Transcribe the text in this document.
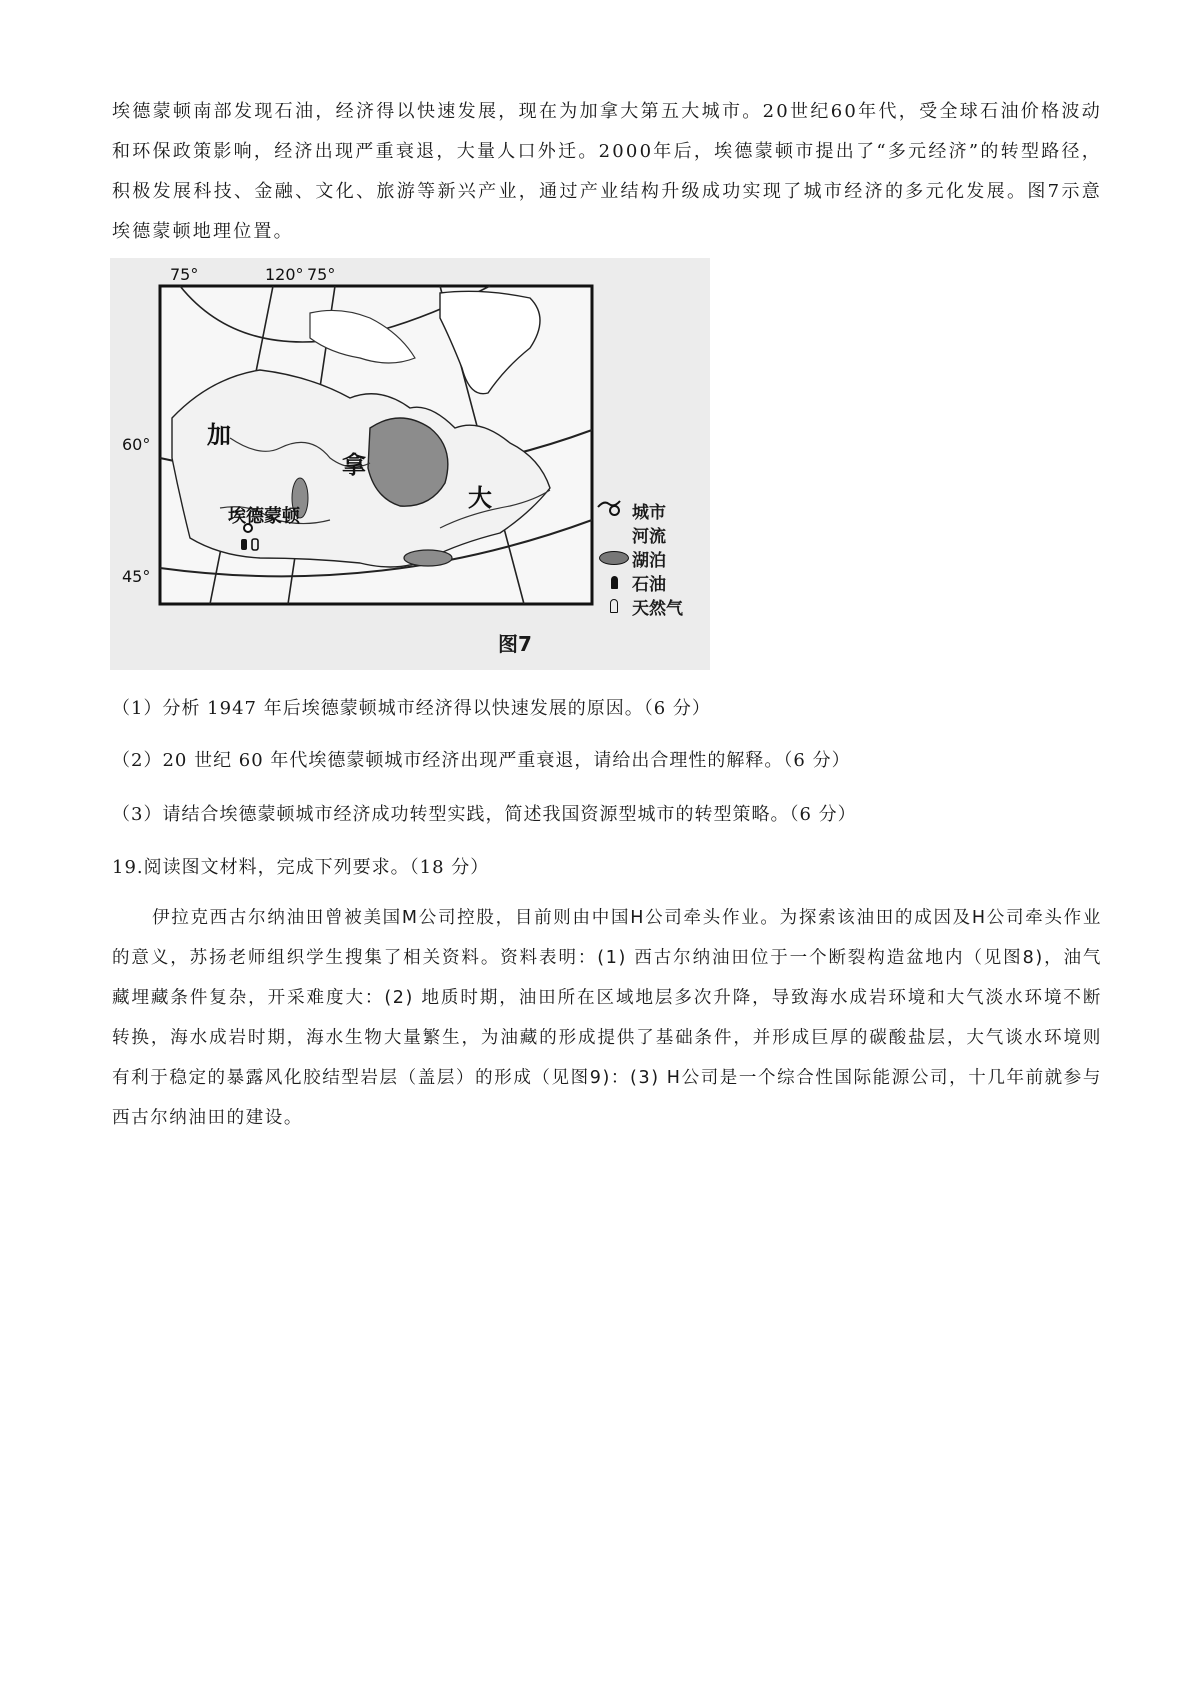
埃德蒙顿南部发现石油，经济得以快速发展，现在为加拿大第五大城市。20世纪60年代，受全球石油价格波动和环保政策影响，经济出现严重衰退，大量人口外迁。2000年后，埃德蒙顿市提出了“多元经济”的转型路径，积极发展科技、金融、文化、旅游等新兴产业，通过产业结构升级成功实现了城市经济的多元化发展。图7示意埃德蒙顿地理位置。

75°	120° 75°
60°
45°
加
拿
大
埃德蒙顿	城市
河流
湖泊
石油
天然气
图7

（1）分析 1947 年后埃德蒙顿城市经济得以快速发展的原因。（6 分）

（2）20 世纪 60 年代埃德蒙顿城市经济出现严重衰退，请给出合理性的解释。（6 分）

（3）请结合埃德蒙顿城市经济成功转型实践，简述我国资源型城市的转型策略。（6 分）

19.阅读图文材料，完成下列要求。（18 分）

伊拉克西古尔纳油田曾被美国M公司控股，目前则由中国H公司牵头作业。为探索该油田的成因及H公司牵头作业的意义，苏扬老师组织学生搜集了相关资料。资料表明：(1) 西古尔纳油田位于一个断裂构造盆地内（见图8)，油气藏埋藏条件复杂，开采难度大：(2) 地质时期，油田所在区域地层多次升降，导致海水成岩环境和大气淡水环境不断转换，海水成岩时期，海水生物大量繁生，为油藏的形成提供了基础条件，并形成巨厚的碳酸盐层，大气谈水环境则有利于稳定的暴露风化胶结型岩层（盖层）的形成（见图9)：(3) H公司是一个综合性国际能源公司，十几年前就参与西古尔纳油田的建设。
